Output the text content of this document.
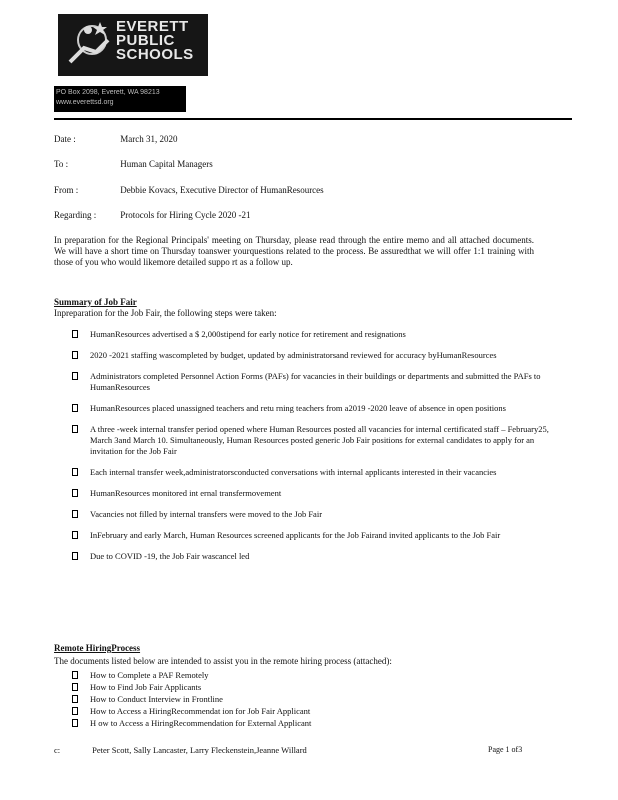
EVERETT
PUBLIC
SCHOOLS
PO Box 2098, Everett, WA 98213
www.everettsd.org
Date :	March 31, 2020
To :	Human Capital Managers
From :	Debbie Kovacs, Executive Director of HumanResources
Regarding :	Protocols for Hiring Cycle 2020 -21
In preparation for the Regional Principals' meeting on Thursday, please read through the entire memo and all attached documents. We will have a short time on Thursday toanswer yourquestions related to the process. Be assuredthat we will offer 1:1 training with those of you who would likemore detailed suppo rt as a follow up.
Summary of Job Fair
Inpreparation for the Job Fair, the following steps were taken:
HumanResources advertised a $ 2,000stipend for early notice for retirement and resignations
2020 -2021 staffing wascompleted by budget, updated by administratorsand reviewed for accuracy byHumanResources
Administrators completed Personnel Action Forms (PAFs) for vacancies in their buildings or departments and submitted the PAFs to HumanResources
HumanResources placed unassigned teachers and retu rning teachers from a2019 -2020 leave of absence in open positions
A three -week internal transfer period opened where Human Resources posted all vacancies for internal certificated staff – February25, March 3and March 10. Simultaneously, Human Resources posted generic Job Fair positions for external candidates to apply for an invitation for the Job Fair
Each internal transfer week,administratorsconducted conversations with internal applicants interested in their vacancies
HumanResources monitored int ernal transfermovement
Vacancies not filled by internal transfers were moved to the Job Fair
InFebruary and early March, Human Resources screened applicants for the Job Fairand invited applicants to the Job Fair
Due to COVID -19, the Job Fair wascancel led
Remote HiringProcess
The documents listed below are intended to assist you in the remote hiring process (attached):
How to Complete a PAF Remotely
How to Find Job Fair Applicants
How to Conduct Interview in Frontline
How to Access a HiringRecommendat ion for Job Fair Applicant
H ow to Access a HiringRecommendation for External Applicant
c:	Peter Scott, Sally Lancaster, Larry Fleckenstein,Jeanne Willard	Page 1 of3
